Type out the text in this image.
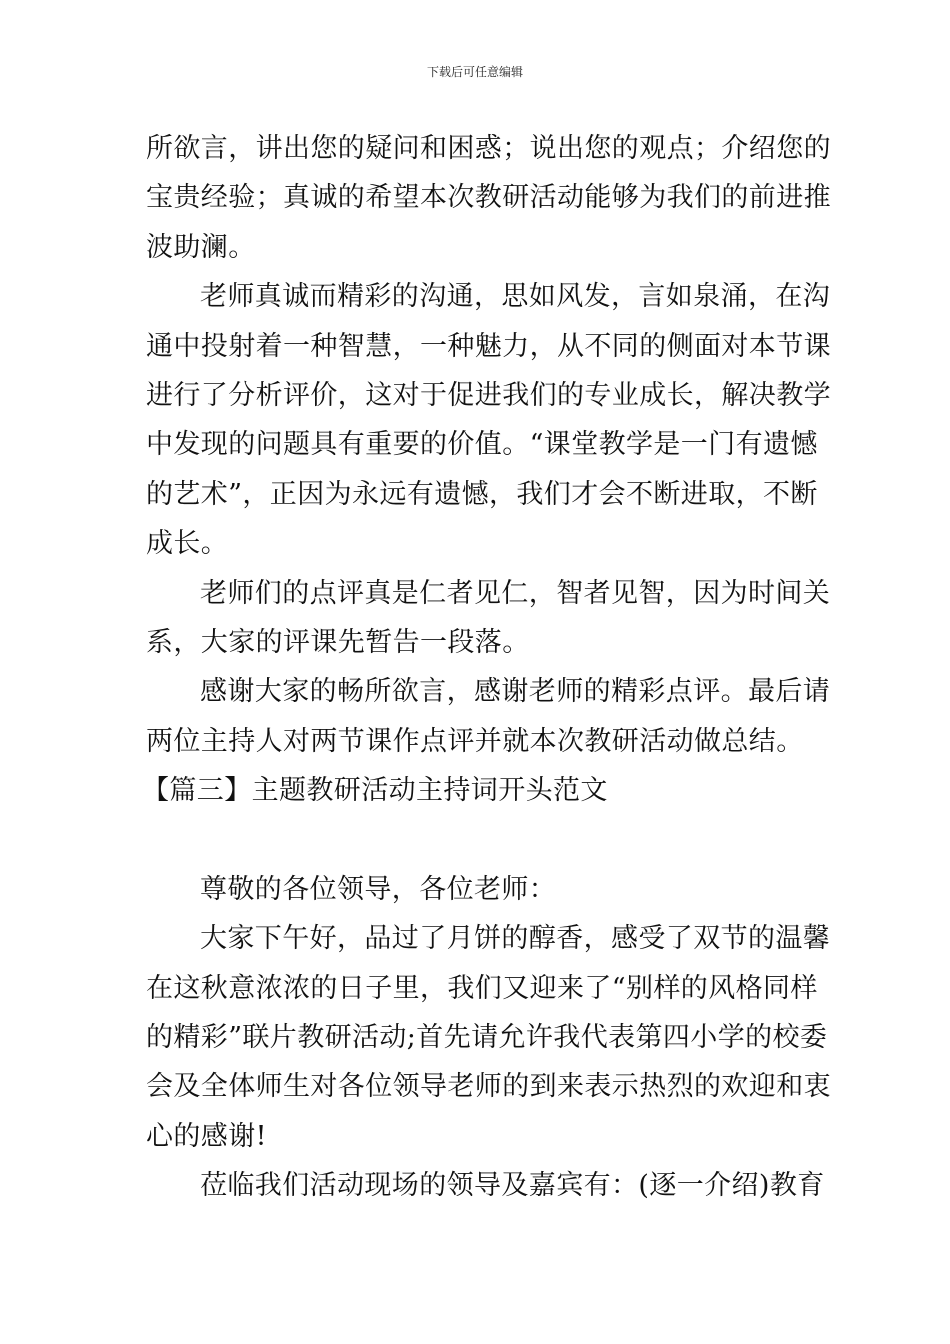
下载后可任意编辑
所欲言，讲出您的疑问和困惑；说出您的观点；介绍您的
宝贵经验；真诚的希望本次教研活动能够为我们的前进推
波助澜。
老师真诚而精彩的沟通，思如风发，言如泉涌，在沟
通中投射着一种智慧，一种魅力，从不同的侧面对本节课
进行了分析评价，这对于促进我们的专业成长，解决教学
中发现的问题具有重要的价值。“课堂教学是一门有遗憾
的艺术”，正因为永远有遗憾，我们才会不断进取，不断
成长。
老师们的点评真是仁者见仁，智者见智，因为时间关
系，大家的评课先暂告一段落。
感谢大家的畅所欲言，感谢老师的精彩点评。最后请
两位主持人对两节课作点评并就本次教研活动做总结。
【篇三】主题教研活动主持词开头范文
尊敬的各位领导，各位老师：
大家下午好，品过了月饼的醇香，感受了双节的温馨
在这秋意浓浓的日子里，我们又迎来了“别样的风格同样
的精彩”联片教研活动;首先请允许我代表第四小学的校委
会及全体师生对各位领导老师的到来表示热烈的欢迎和衷
心的感谢!
莅临我们活动现场的领导及嘉宾有：(逐一介绍)教育
